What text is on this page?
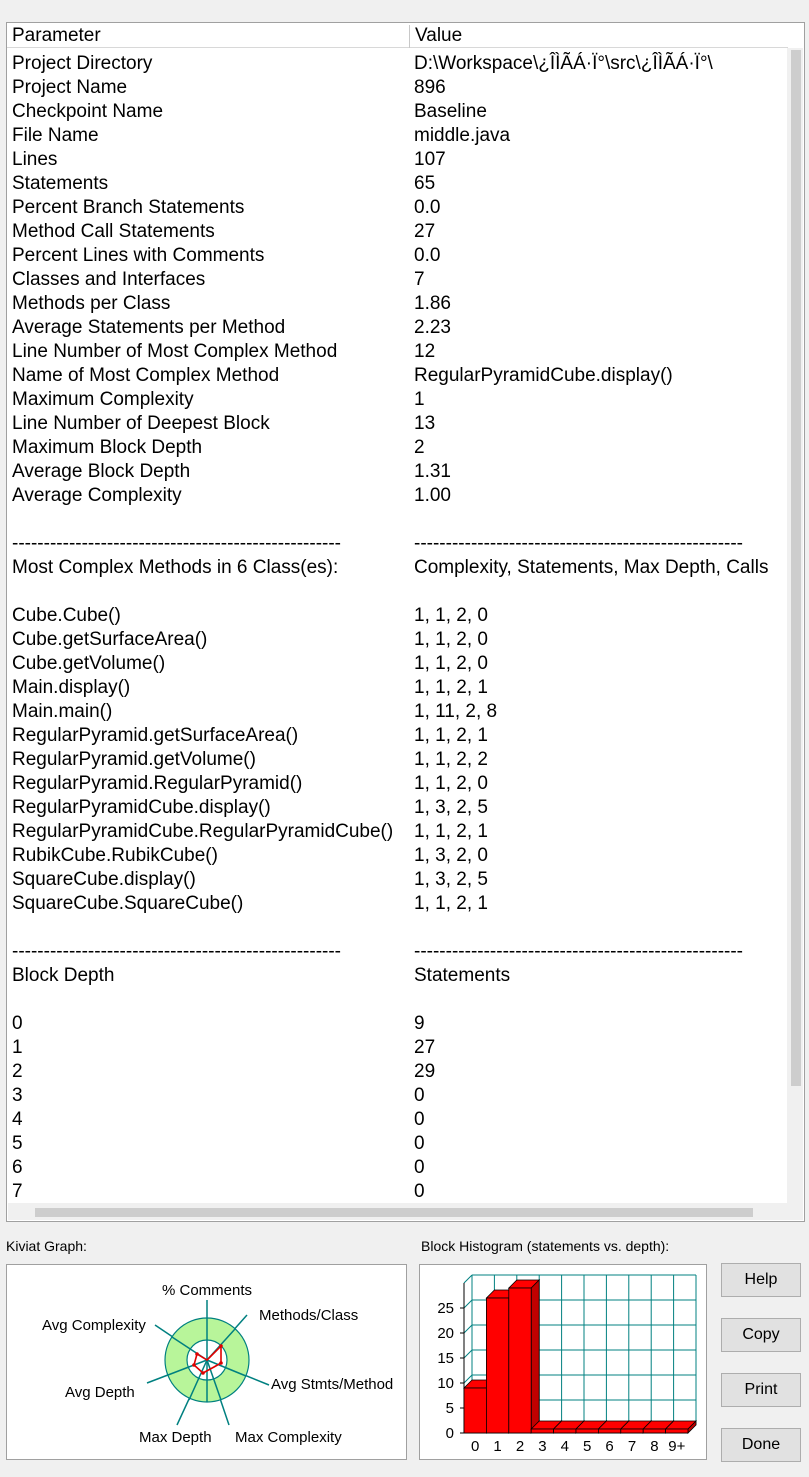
Parameter	Value
Project Directory	D:\Workspace\¿ÎÌÃÁ·Ï°\src\¿ÎÌÃÁ·Ï°\
Project Name	896
Checkpoint Name	Baseline
File Name	middle.java
Lines	107
Statements	65
Percent Branch Statements	0.0
Method Call Statements	27
Percent Lines with Comments	0.0
Classes and Interfaces	7
Methods per Class	1.86
Average Statements per Method	2.23
Line Number of Most Complex Method	12
Name of Most Complex Method	RegularPyramidCube.display()
Maximum Complexity	1
Line Number of Deepest Block	13
Maximum Block Depth	2
Average Block Depth	1.31
Average Complexity	1.00
----------------------------------------------------	----------------------------------------------------
Most Complex Methods in 6 Class(es):	Complexity, Statements, Max Depth, Calls
Cube.Cube()	1, 1, 2, 0
Cube.getSurfaceArea()	1, 1, 2, 0
Cube.getVolume()	1, 1, 2, 0
Main.display()	1, 1, 2, 1
Main.main()	1, 11, 2, 8
RegularPyramid.getSurfaceArea()	1, 1, 2, 1
RegularPyramid.getVolume()	1, 1, 2, 2
RegularPyramid.RegularPyramid()	1, 1, 2, 0
RegularPyramidCube.display()	1, 3, 2, 5
RegularPyramidCube.RegularPyramidCube()	1, 1, 2, 1
RubikCube.RubikCube()	1, 3, 2, 0
SquareCube.display()	1, 3, 2, 5
SquareCube.SquareCube()	1, 1, 2, 1
----------------------------------------------------	----------------------------------------------------
Block Depth	Statements
0	9
1	27
2	29
3	0
4	0
5	0
6	0
7	0
Kiviat Graph:
% Comments
Methods/Class
Avg Stmts/Method
Max Complexity
Max Depth
Avg Depth
Avg Complexity
Block Histogram (statements vs. depth):
0
5
10
15
20
25
0 1 2 3 4 5 6 7 8 9+
Help
Copy
Print
Done
